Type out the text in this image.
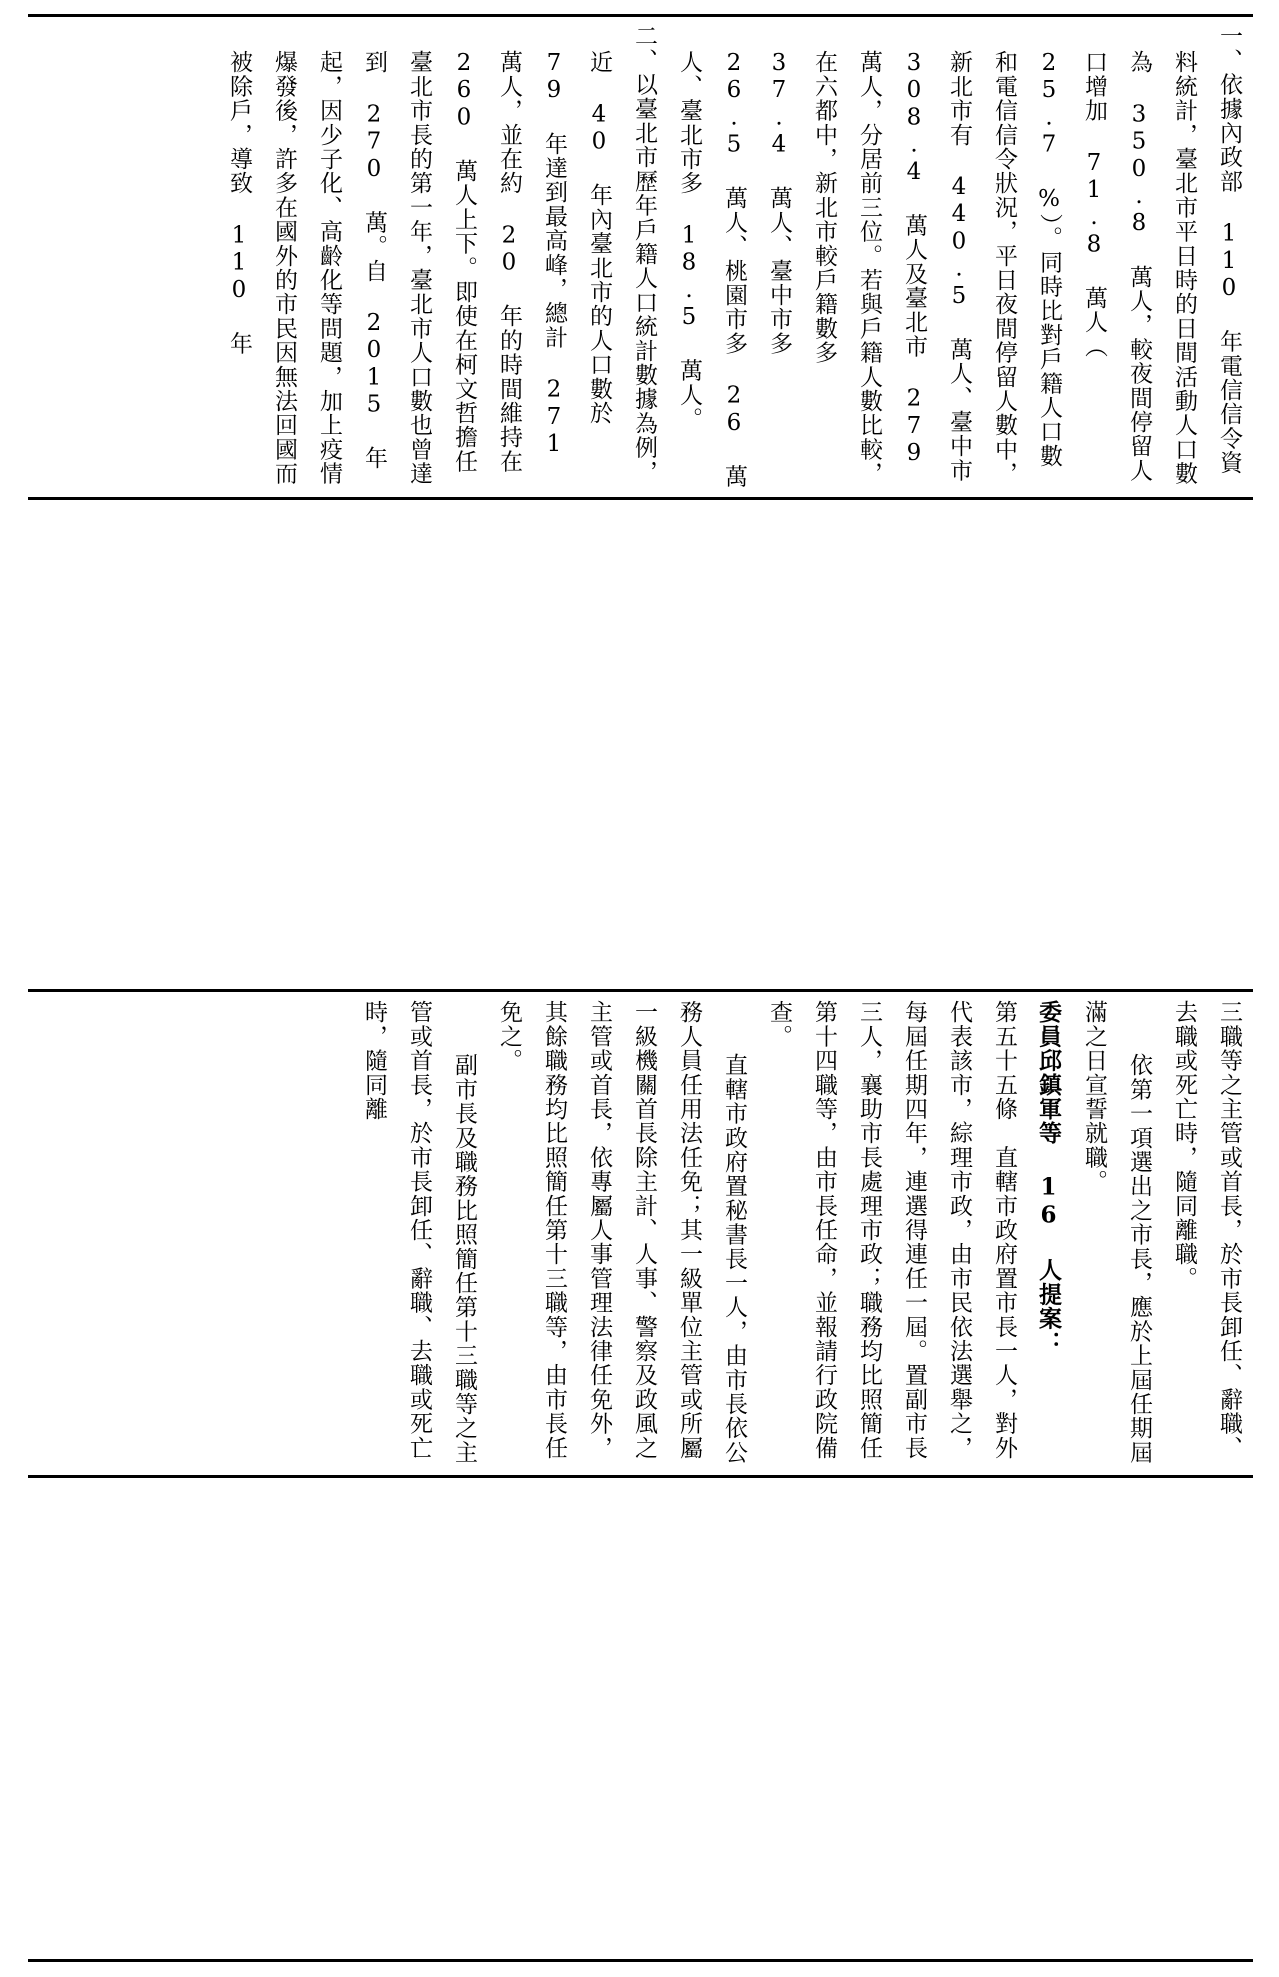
一、依據內政部 110 年電信信令資料統計，臺北市平日時的日間活動人口數為 350.8 萬人，較夜間停留人口增加 71.8 萬人（ 25.7 %）。同時比對戶籍人口數和電信信令狀況，平日夜間停留人數中，新北市有 440.5 萬人、臺中市 308.4 萬人及臺北市 279 萬人，分居前三位。若與戶籍人數比較，在六都中，新北市較戶籍數多 37.4 萬人、臺中市多 26.5 萬人、桃園市多 26 萬人、臺北市多 18.5 萬人。

二、以臺北市歷年戶籍人口統計數據為例，近 40 年內臺北市的人口數於 79 年達到最高峰，總計 271 萬人，並在約 20 年的時間維持在 260 萬人上下。即使在柯文哲擔任臺北市長的第一年，臺北市人口數也曾達到 270 萬。自 2015 年起，因少子化、高齡化等問題，加上疫情爆發後，許多在國外的市民因無法回國而被除戶，導致 110 年

三職等之主管或首長，於市長卸任、辭職、去職或死亡時，隨同離職。

依第一項選出之市長，應於上屆任期屆滿之日宣誓就職。

委員邱鎮軍等 16 人提案：

第五十五條　直轄市政府置市長一人，對外代表該市，綜理市政，由市民依法選舉之，每屆任期四年，連選得連任一屆。置副市長三人，襄助市長處理市政；職務均比照簡任第十四職等，由市長任命，並報請行政院備查。

直轄市政府置秘書長一人，由市長依公務人員任用法任免；其一級單位主管或所屬一級機關首長除主計、人事、警察及政風之主管或首長，依專屬人事管理法律任免外，其餘職務均比照簡任第十三職等，由市長任免之。

副市長及職務比照簡任第十三職等之主管或首長，於市長卸任、辭職、去職或死亡時，隨同離
